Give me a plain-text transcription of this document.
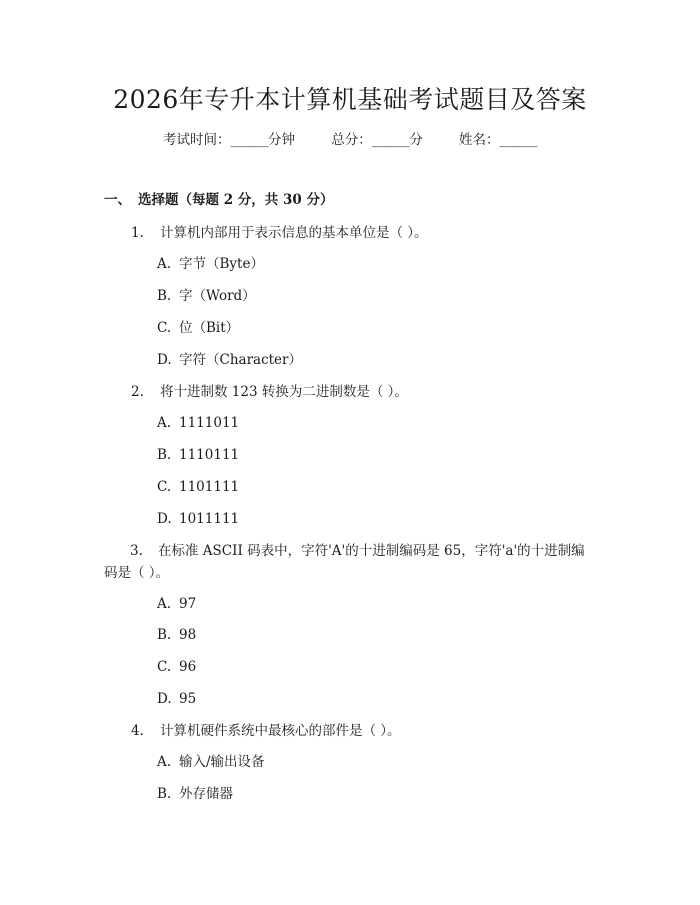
2026年专升本计算机基础考试题目及答案
考试时间：______分钟	总分：______分	姓名：______
一、 选择题（每题 2 分，共 30 分）
1. 计算机内部用于表示信息的基本单位是（ ）。
A. 字节（Byte）
B. 字（Word）
C. 位（Bit）
D. 字符（Character）
2. 将十进制数 123 转换为二进制数是（ ）。
A. 1111011
B. 1110111
C. 1101111
D. 1011111
3. 在标准 ASCII 码表中，字符'A'的十进制编码是 65，字符'a'的十进制编码是（ ）。
A. 97
B. 98
C. 96
D. 95
4. 计算机硬件系统中最核心的部件是（ ）。
A. 输入/输出设备
B. 外存储器
